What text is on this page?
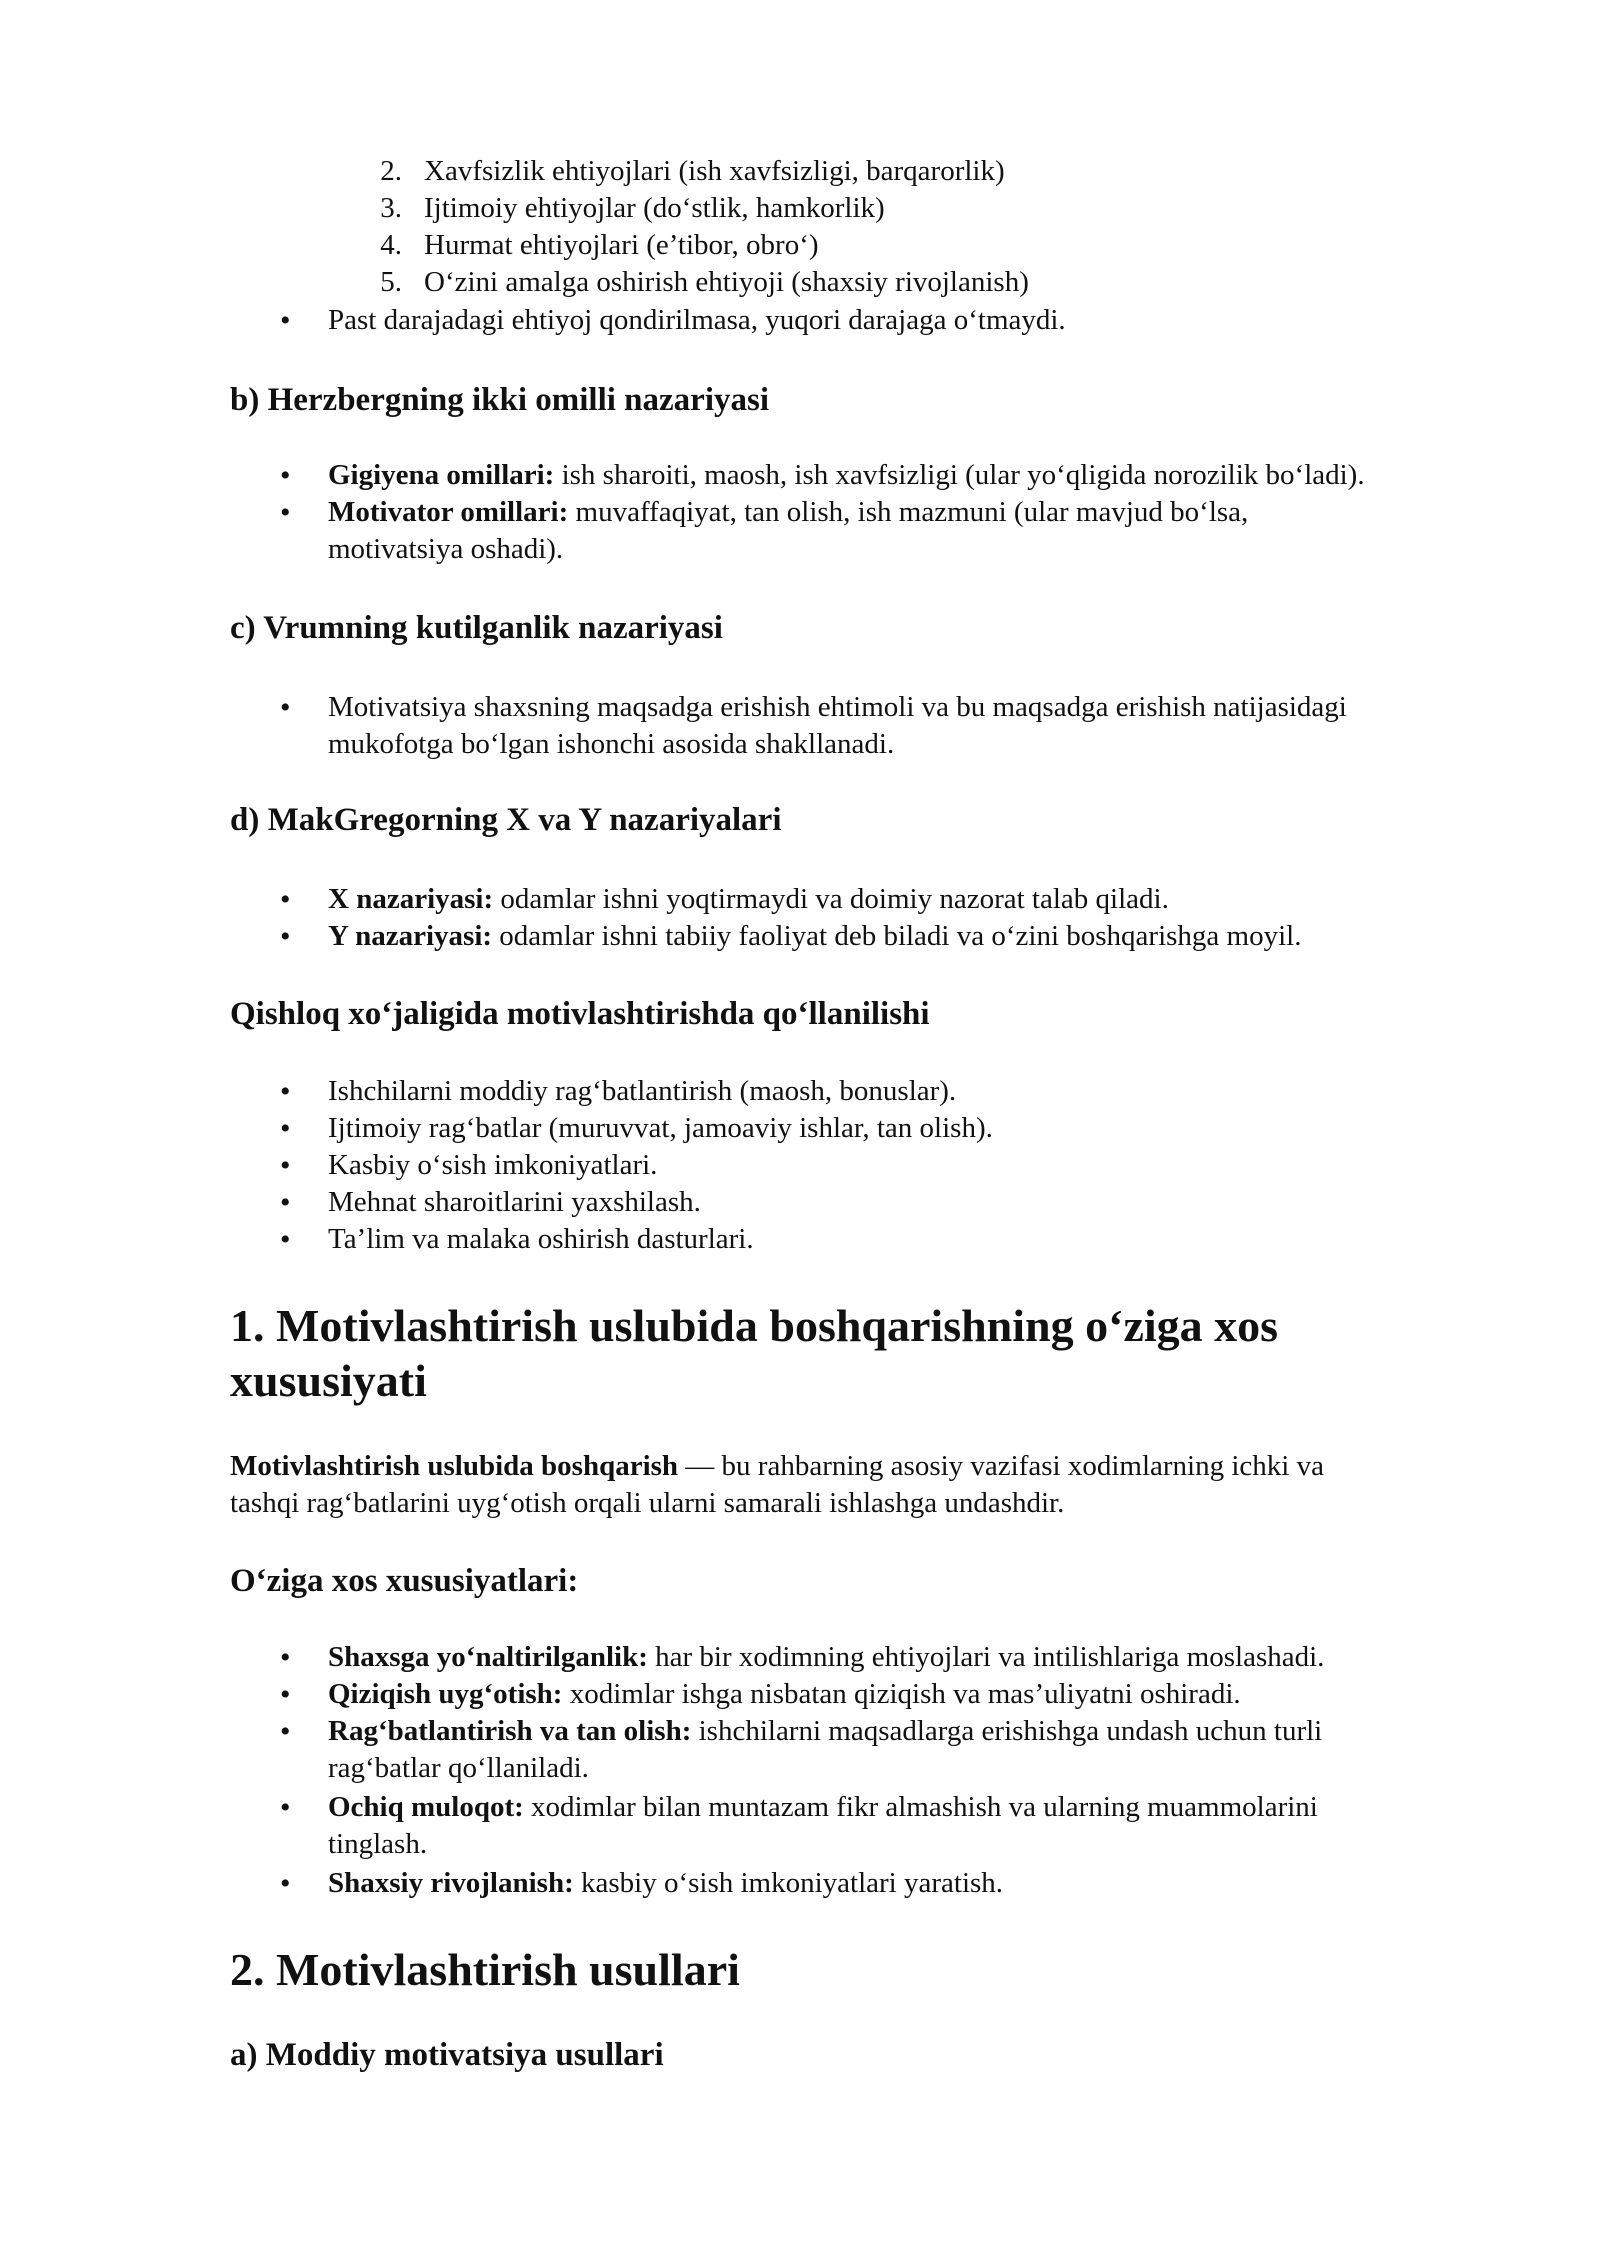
2. Xavfsizlik ehtiyojlari (ish xavfsizligi, barqarorlik)
3. Ijtimoiy ehtiyojlar (do‘stlik, hamkorlik)
4. Hurmat ehtiyojlari (e’tibor, obro‘)
5. O‘zini amalga oshirish ehtiyoji (shaxsiy rivojlanish)
• Past darajadagi ehtiyoj qondirilmasa, yuqori darajaga o‘tmaydi.
b) Herzbergning ikki omilli nazariyasi
• Gigiyena omillari: ish sharoiti, maosh, ish xavfsizligi (ular yo‘qligida norozilik bo‘ladi).
• Motivator omillari: muvaffaqiyat, tan olish, ish mazmuni (ular mavjud bo‘lsa,
motivatsiya oshadi).
c) Vrumning kutilganlik nazariyasi
• Motivatsiya shaxsning maqsadga erishish ehtimoli va bu maqsadga erishish natijasidagi
mukofotga bo‘lgan ishonchi asosida shakllanadi.
d) MakGregorning X va Y nazariyalari
• X nazariyasi: odamlar ishni yoqtirmaydi va doimiy nazorat talab qiladi.
• Y nazariyasi: odamlar ishni tabiiy faoliyat deb biladi va o‘zini boshqarishga moyil.
Qishloq xo‘jaligida motivlashtirishda qo‘llanilishi
• Ishchilarni moddiy rag‘batlantirish (maosh, bonuslar).
• Ijtimoiy rag‘batlar (muruvvat, jamoaviy ishlar, tan olish).
• Kasbiy o‘sish imkoniyatlari.
• Mehnat sharoitlarini yaxshilash.
• Ta’lim va malaka oshirish dasturlari.
1. Motivlashtirish uslubida boshqarishning o‘ziga xos
xususiyati
Motivlashtirish uslubida boshqarish — bu rahbarning asosiy vazifasi xodimlarning ichki va
tashqi rag‘batlarini uyg‘otish orqali ularni samarali ishlashga undashdir.
O‘ziga xos xususiyatlari:
• Shaxsga yo‘naltirilganlik: har bir xodimning ehtiyojlari va intilishlariga moslashadi.
• Qiziqish uyg‘otish: xodimlar ishga nisbatan qiziqish va mas’uliyatni oshiradi.
• Rag‘batlantirish va tan olish: ishchilarni maqsadlarga erishishga undash uchun turli
rag‘batlar qo‘llaniladi.
• Ochiq muloqot: xodimlar bilan muntazam fikr almashish va ularning muammolarini
tinglash.
• Shaxsiy rivojlanish: kasbiy o‘sish imkoniyatlari yaratish.
2. Motivlashtirish usullari
a) Moddiy motivatsiya usullari
